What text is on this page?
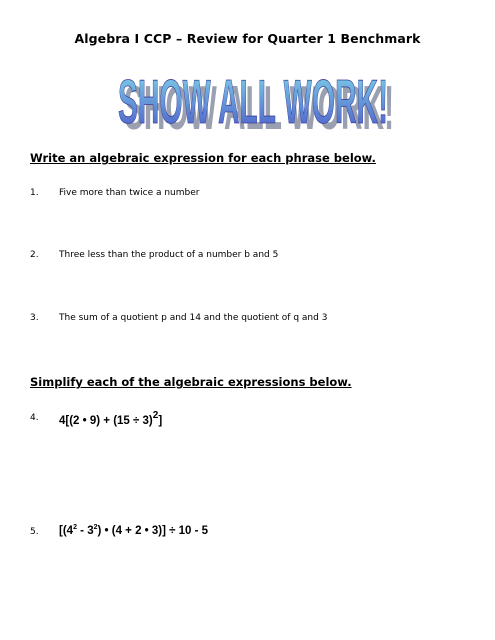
Algebra I CCP – Review for Quarter 1 Benchmark
SHOW ALL WORK!
SHOW ALL WORK!
Write an algebraic expression for each phrase below.
1. Five more than twice a number
2. Three less than the product of a number b and 5
3. The sum of a quotient p and 14 and the quotient of q and 3
Simplify each of the algebraic expressions below.
4. 4[(2 • $9) + (15 \div 3)^2$]
5. [$(4^2 - 3^2)$ • (4 + 2 • 3)] ÷ 10 - 5
